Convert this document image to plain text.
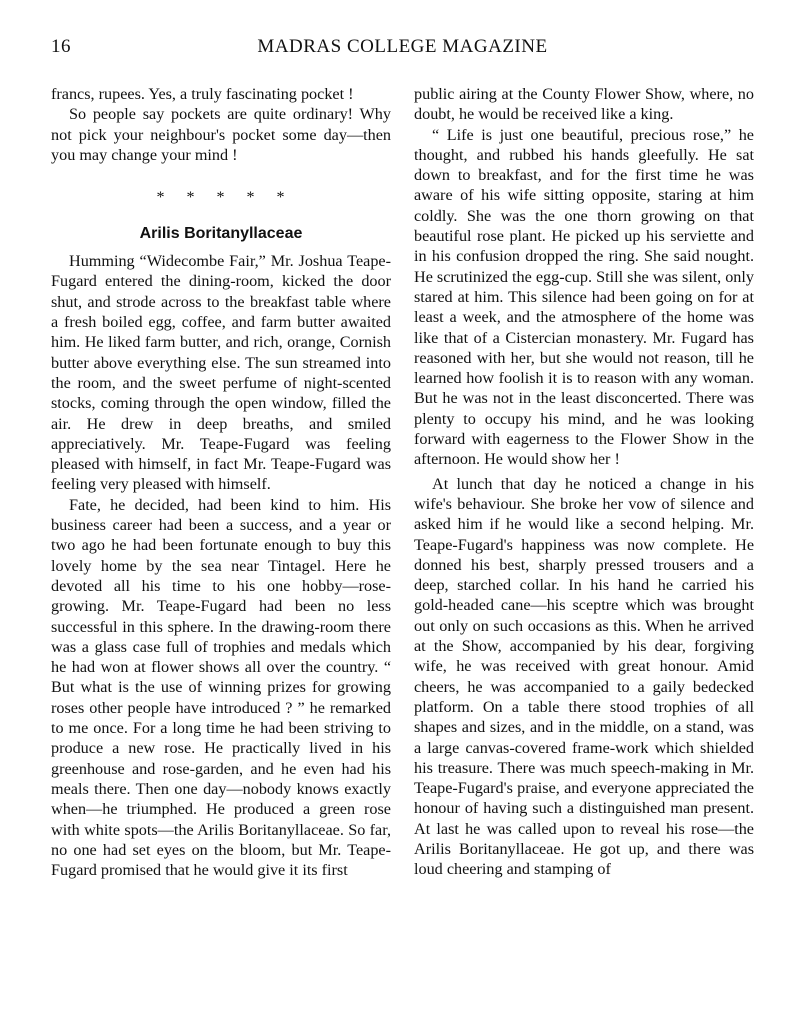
16	MADRAS COLLEGE MAGAZINE

francs, rupees. Yes, a truly fascinating pocket !

So people say pockets are quite ordinary! Why not pick your neighbour's pocket some day—then you may change your mind !

* * * * *
Arilis Boritanyllaceae

Humming “Widecombe Fair,” Mr. Joshua Teape-Fugard entered the dining-room, kicked the door shut, and strode across to the breakfast table where a fresh boiled egg, coffee, and farm butter awaited him. He liked farm butter, and rich, orange, Cornish butter above everything else. The sun streamed into the room, and the sweet perfume of night-scented stocks, coming through the open window, filled the air. He drew in deep breaths, and smiled appreciatively. Mr. Teape-Fugard was feeling pleased with himself, in fact Mr. Teape-Fugard was feeling very pleased with himself.

Fate, he decided, had been kind to him. His business career had been a success, and a year or two ago he had been fortunate enough to buy this lovely home by the sea near Tintagel. Here he devoted all his time to his one hobby—rose-growing. Mr. Teape-Fugard had been no less successful in this sphere. In the drawing-room there was a glass case full of trophies and medals which he had won at flower shows all over the country. “ But what is the use of winning prizes for growing roses other people have introduced ? ” he remarked to me once. For a long time he had been striving to produce a new rose. He practically lived in his greenhouse and rose-garden, and he even had his meals there. Then one day—nobody knows exactly when—he triumphed. He produced a green rose with white spots—the Arilis Boritanyllaceae. So far, no one had set eyes on the bloom, but Mr. Teape-Fugard promised that he would give it its first

public airing at the County Flower Show, where, no doubt, he would be received like a king.

“ Life is just one beautiful, precious rose,” he thought, and rubbed his hands gleefully. He sat down to breakfast, and for the first time he was aware of his wife sitting opposite, staring at him coldly. She was the one thorn growing on that beautiful rose plant. He picked up his serviette and in his confusion dropped the ring. She said nought. He scrutinized the egg-cup. Still she was silent, only stared at him. This silence had been going on for at least a week, and the atmosphere of the home was like that of a Cistercian monastery. Mr. Fugard has reasoned with her, but she would not reason, till he learned how foolish it is to reason with any woman. But he was not in the least disconcerted. There was plenty to occupy his mind, and he was looking forward with eagerness to the Flower Show in the afternoon. He would show her !

At lunch that day he noticed a change in his wife's behaviour. She broke her vow of silence and asked him if he would like a second helping. Mr. Teape-Fugard's happiness was now complete. He donned his best, sharply pressed trousers and a deep, starched collar. In his hand he carried his gold-headed cane—his sceptre which was brought out only on such occasions as this. When he arrived at the Show, accompanied by his dear, forgiving wife, he was received with great honour. Amid cheers, he was accompanied to a gaily bedecked platform. On a table there stood trophies of all shapes and sizes, and in the middle, on a stand, was a large canvas-covered frame-work which shielded his treasure. There was much speech-making in Mr. Teape-Fugard's praise, and everyone appreciated the honour of having such a distinguished man present. At last he was called upon to reveal his rose—the Arilis Boritanyllaceae. He got up, and there was loud cheering and stamping of
